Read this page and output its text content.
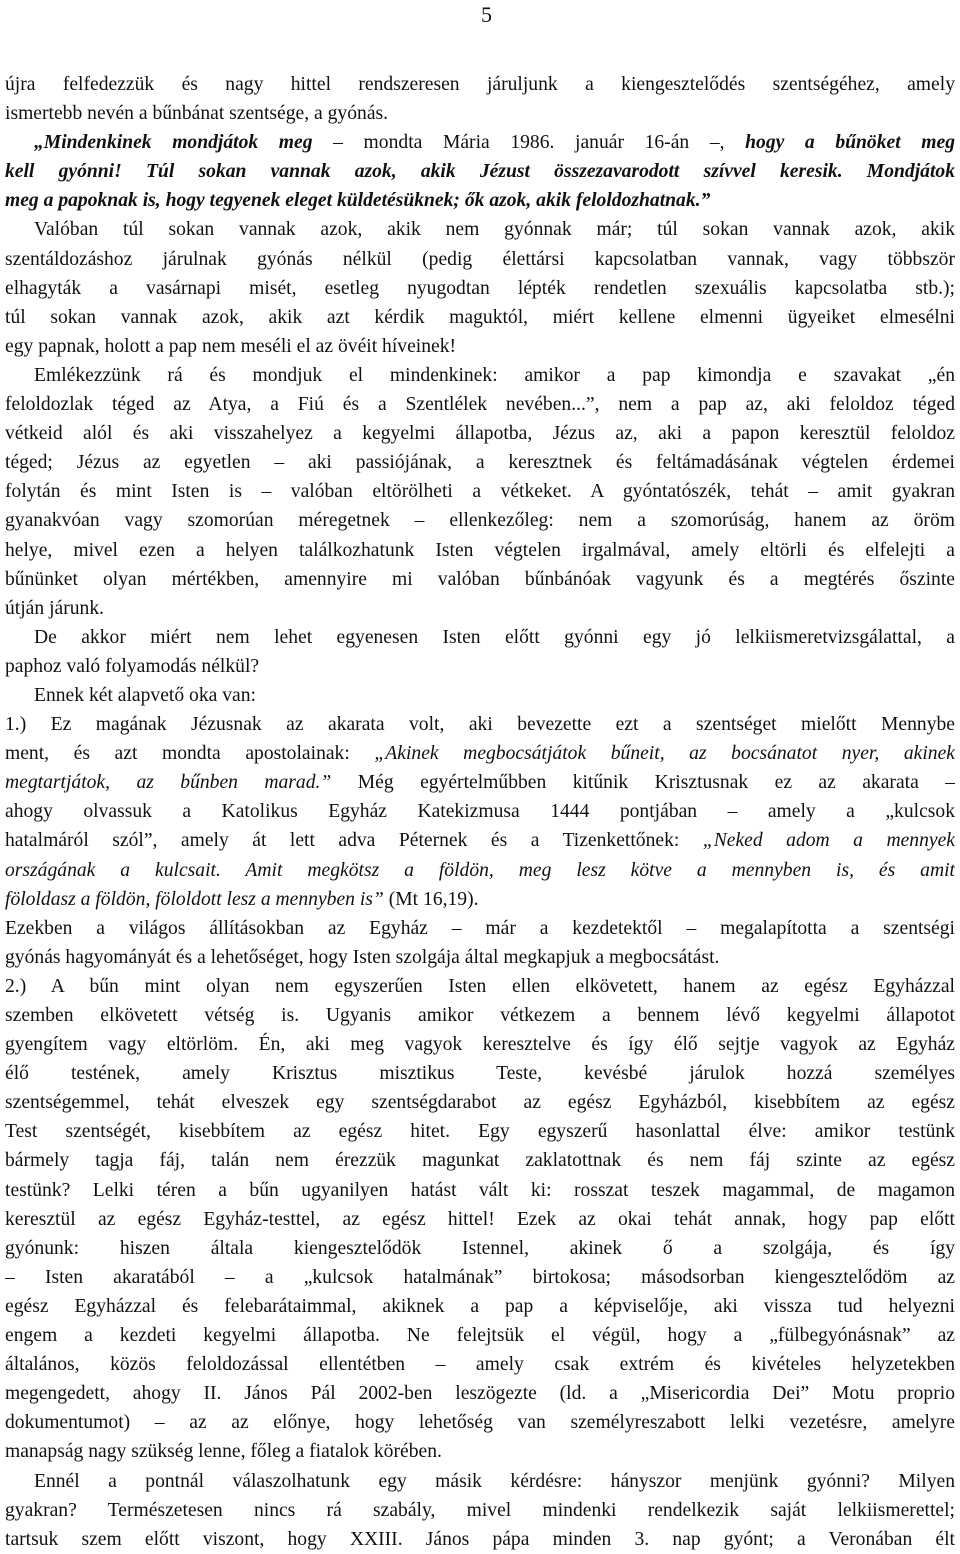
5
újra felfedezzük és nagy hittel rendszeresen járuljunk a kiengesztelődés szentségéhez, amely
ismertebb nevén a bűnbánat szentsége, a gyónás.
„Mindenkinek mondjátok meg – mondta Mária 1986. január 16-án –, hogy a bűnöket meg
kell gyónni! Túl sokan vannak azok, akik Jézust összezavarodott szívvel keresik. Mondjátok
meg a papoknak is, hogy tegyenek eleget küldetésüknek; ők azok, akik feloldozhatnak.”
Valóban túl sokan vannak azok, akik nem gyónnak már; túl sokan vannak azok, akik
szentáldozáshoz járulnak gyónás nélkül (pedig élettársi kapcsolatban vannak, vagy többször
elhagyták a vasárnapi misét, esetleg nyugodtan lépték rendetlen szexuális kapcsolatba stb.);
túl sokan vannak azok, akik azt kérdik maguktól, miért kellene elmenni ügyeiket elmesélni
egy papnak, holott a pap nem meséli el az övéit híveinek!
Emlékezzünk rá és mondjuk el mindenkinek: amikor a pap kimondja e szavakat „én
feloldozlak téged az Atya, a Fiú és a Szentlélek nevében...”, nem a pap az, aki feloldoz téged
vétkeid alól és aki visszahelyez a kegyelmi állapotba, Jézus az, aki a papon keresztül feloldoz
téged; Jézus az egyetlen – aki passiójának, a keresztnek és feltámadásának végtelen érdemei
folytán és mint Isten is – valóban eltörölheti a vétkeket. A gyóntatószék, tehát – amit gyakran
gyanakvóan vagy szomorúan méregetnek – ellenkezőleg: nem a szomorúság, hanem az öröm
helye, mivel ezen a helyen találkozhatunk Isten végtelen irgalmával, amely eltörli és elfelejti a
bűnünket olyan mértékben, amennyire mi valóban bűnbánóak vagyunk és a megtérés őszinte
útján járunk.
De akkor miért nem lehet egyenesen Isten előtt gyónni egy jó lelkiismeretvizsgálattal, a
paphoz való folyamodás nélkül?
Ennek két alapvető oka van:
1.) Ez magának Jézusnak az akarata volt, aki bevezette ezt a szentséget mielőtt Mennybe
ment, és azt mondta apostolainak: „Akinek megbocsátjátok bűneit, az bocsánatot nyer, akinek
megtartjátok, az bűnben marad.” Még egyértelműbben kitűnik Krisztusnak ez az akarata –
ahogy olvassuk a Katolikus Egyház Katekizmusa 1444 pontjában – amely a „kulcsok
hatalmáról szól”, amely át lett adva Péternek és a Tizenkettőnek: „Neked adom a mennyek
országának a kulcsait. Amit megkötsz a földön, meg lesz kötve a mennyben is, és amit
föloldasz a földön, föloldott lesz a mennyben is” (Mt 16,19).
Ezekben a világos állításokban az Egyház – már a kezdetektől – megalapította a szentségi
gyónás hagyományát és a lehetőséget, hogy Isten szolgája által megkapjuk a megbocsátást.
2.) A bűn mint olyan nem egyszerűen Isten ellen elkövetett, hanem az egész Egyházzal
szemben elkövetett vétség is. Ugyanis amikor vétkezem a bennem lévő kegyelmi állapotot
gyengítem vagy eltörlöm. Én, aki meg vagyok keresztelve és így élő sejtje vagyok az Egyház
élő testének, amely Krisztus misztikus Teste, kevésbé járulok hozzá személyes
szentségemmel, tehát elveszek egy szentségdarabot az egész Egyházból, kisebbítem az egész
Test szentségét, kisebbítem az egész hitet. Egy egyszerű hasonlattal élve: amikor testünk
bármely tagja fáj, talán nem érezzük magunkat zaklatottnak és nem fáj szinte az egész
testünk? Lelki téren a bűn ugyanilyen hatást vált ki: rosszat teszek magammal, de magamon
keresztül az egész Egyház-testtel, az egész hittel! Ezek az okai tehát annak, hogy pap előtt
gyónunk: hiszen általa kiengesztelődök Istennel, akinek ő a szolgája, és így
– Isten akaratából – a „kulcsok hatalmának” birtokosa; másodsorban kiengesztelődöm az
egész Egyházzal és felebarátaimmal, akiknek a pap a képviselője, aki vissza tud helyezni
engem a kezdeti kegyelmi állapotba. Ne felejtsük el végül, hogy a „fülbegyónásnak” az
általános, közös feloldozással ellentétben – amely csak extrém és kivételes helyzetekben
megengedett, ahogy II. János Pál 2002-ben leszögezte (ld. a „Misericordia Dei” Motu proprio
dokumentumot) – az az előnye, hogy lehetőség van személyreszabott lelki vezetésre, amelyre
manapság nagy szükség lenne, főleg a fiatalok körében.
Ennél a pontnál válaszolhatunk egy másik kérdésre: hányszor menjünk gyónni? Milyen
gyakran? Természetesen nincs rá szabály, mivel mindenki rendelkezik saját lelkiismerettel;
tartsuk szem előtt viszont, hogy XXIII. János pápa minden 3. nap gyónt; a Veronában élt
